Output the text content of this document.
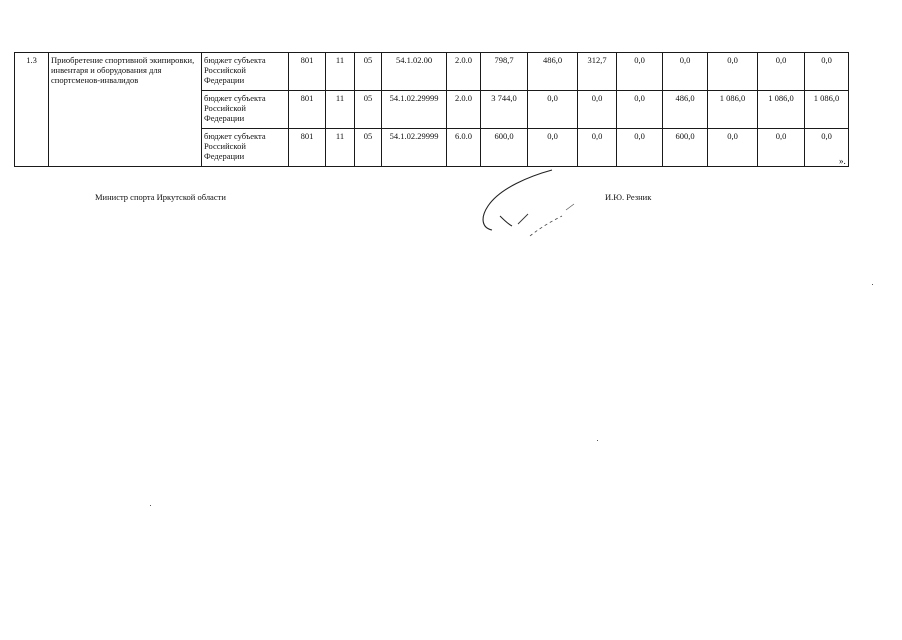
1.3	Приобретение спортивной экипировки, инвентаря и оборудования для спортсменов-инвалидов	бюджет субъекта Российской Федерации	801	11	05	54.1.02.00	2.0.0	798,7	486,0	312,7	0,0	0,0	0,0	0,0	0,0
		бюджет субъекта Российской Федерации	801	11	05	54.1.02.29999	2.0.0	3 744,0	0,0	0,0	0,0	486,0	1 086,0	1 086,0	1 086,0
		бюджет субъекта Российской Федерации	801	11	05	54.1.02.29999	6.0.0	600,0	0,0	0,0	0,0	600,0	0,0	0,0	0,0
».
Министр спорта Иркутской области	И.Ю. Резник
